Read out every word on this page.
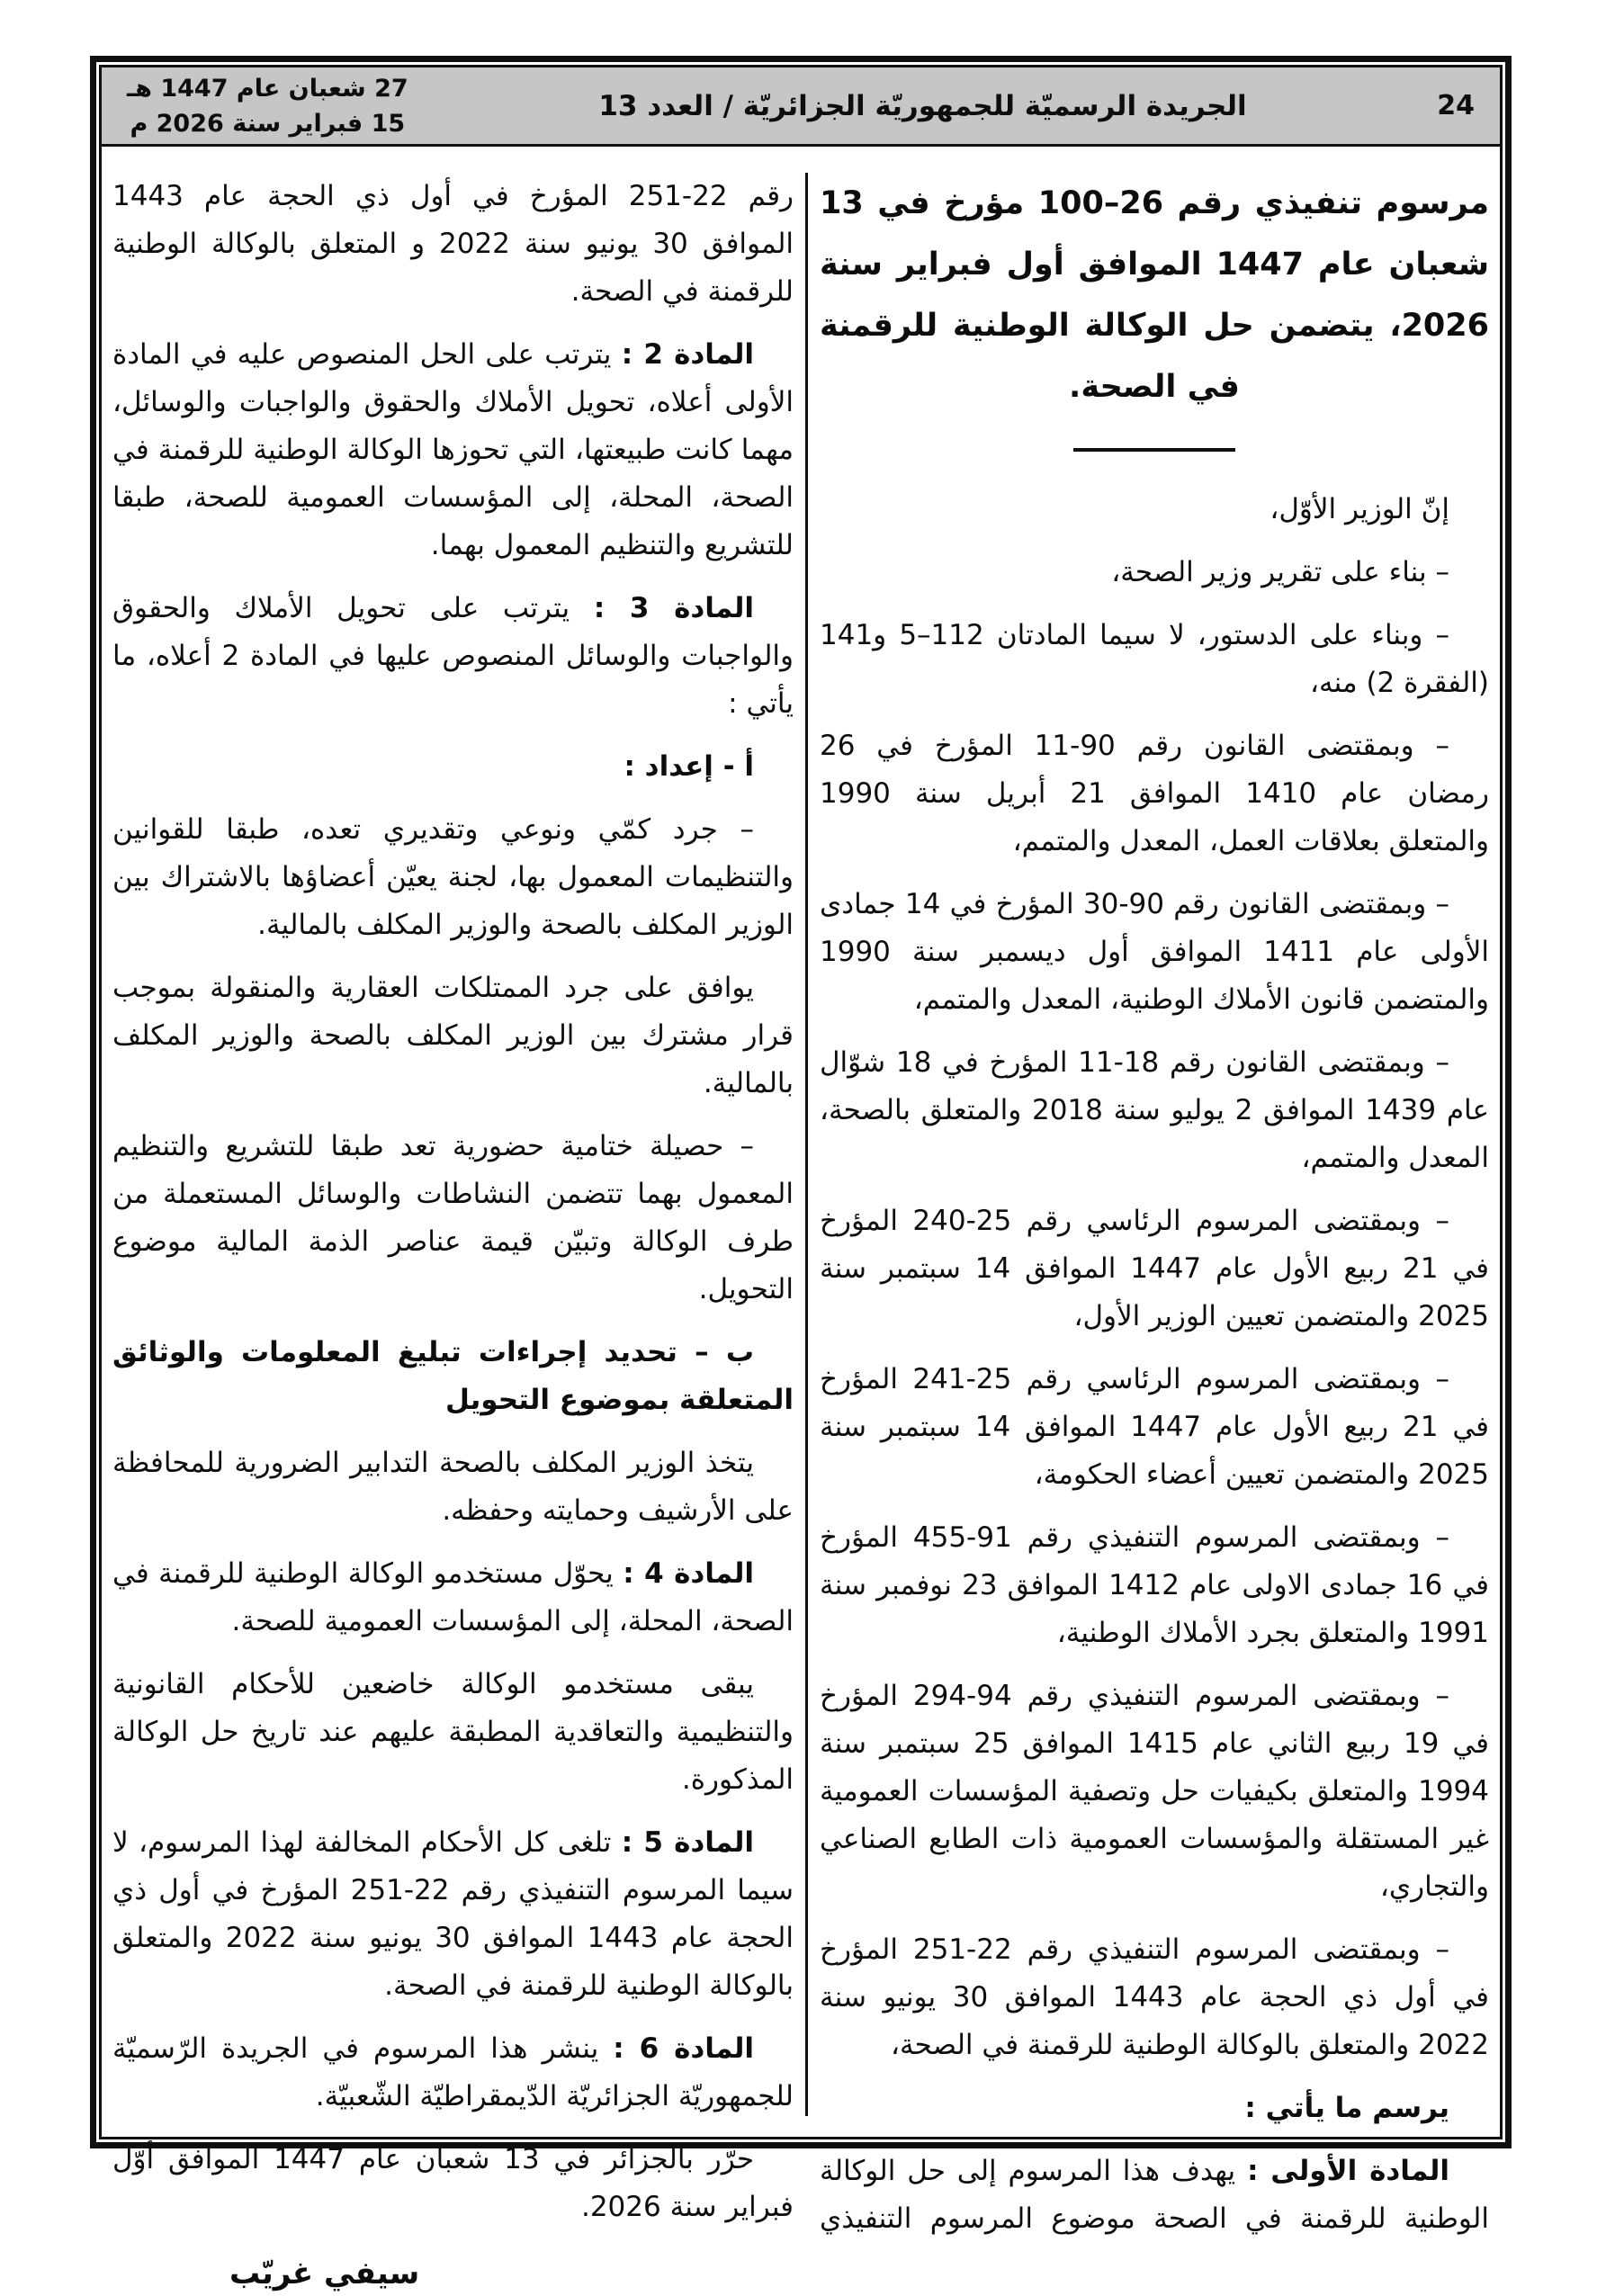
27 شعبان عام 1447 هـ
15 فبراير سنة 2026 م
الجريدة الرسميّة للجمهوريّة الجزائريّة / العدد 13	24

مرسوم تنفيذي رقم 26‏–‏100 مؤرخ في 13 شعبان عام 1447 الموافق أول فبراير سنة 2026، يتضمن حل الوكالة الوطنية للرقمنة في الصحة.

إنّ الوزير الأوّل،

– بناء على تقرير وزير الصحة،

– وبناء على الدستور، لا سيما المادتان 112‏–‏5 و141 (الفقرة 2) منه،

– وبمقتضى القانون رقم 90‏-‏11 المؤرخ في 26 رمضان عام 1410 الموافق 21 أبريل سنة 1990 والمتعلق بعلاقات العمل، المعدل والمتمم،

– وبمقتضى القانون رقم 90‏-‏30 المؤرخ في 14 جمادى الأولى عام 1411 الموافق أول ديسمبر سنة 1990 والمتضمن قانون الأملاك الوطنية، المعدل والمتمم،

– وبمقتضى القانون رقم 18‏-‏11 المؤرخ في 18 شوّال عام 1439 الموافق 2 يوليو سنة 2018 والمتعلق بالصحة، المعدل والمتمم،

– وبمقتضى المرسوم الرئاسي رقم 25‏-‏240 المؤرخ في 21 ربيع الأول عام 1447 الموافق 14 سبتمبر سنة 2025 والمتضمن تعيين الوزير الأول،

– وبمقتضى المرسوم الرئاسي رقم 25‏-‏241 المؤرخ في 21 ربيع الأول عام 1447 الموافق 14 سبتمبر سنة 2025 والمتضمن تعيين أعضاء الحكومة،

– وبمقتضى المرسوم التنفيذي رقم 91‏-‏455 المؤرخ في 16 جمادى الاولى عام 1412 الموافق 23 نوفمبر سنة 1991 والمتعلق بجرد الأملاك الوطنية،

– وبمقتضى المرسوم التنفيذي رقم 94‏-‏294 المؤرخ في 19 ربيع الثاني عام 1415 الموافق 25 سبتمبر سنة 1994 والمتعلق بكيفيات حل وتصفية المؤسسات العمومية غير المستقلة والمؤسسات العمومية ذات الطابع الصناعي والتجاري،

– وبمقتضى المرسوم التنفيذي رقم 22‏-‏251 المؤرخ في أول ذي الحجة عام 1443 الموافق 30 يونيو سنة 2022 والمتعلق بالوكالة الوطنية للرقمنة في الصحة،

يرسم ما يأتي :

المادة الأولى : يهدف هذا المرسوم إلى حل الوكالة الوطنية للرقمنة في الصحة موضوع المرسوم التنفيذي

رقم 22‏-‏251 المؤرخ في أول ذي الحجة عام 1443 الموافق 30 يونيو سنة 2022 و المتعلق بالوكالة الوطنية للرقمنة في الصحة.

المادة 2 : يترتب على الحل المنصوص عليه في المادة الأولى أعلاه، تحويل الأملاك والحقوق والواجبات والوسائل، مهما كانت طبيعتها، التي تحوزها الوكالة الوطنية للرقمنة في الصحة، المحلة، إلى المؤسسات العمومية للصحة، طبقا للتشريع والتنظيم المعمول بهما.

المادة 3 : يترتب على تحويل الأملاك والحقوق والواجبات والوسائل المنصوص عليها في المادة 2 أعلاه، ما يأتي :

أ - إعداد :

– جرد كمّي ونوعي وتقديري تعده، طبقا للقوانين والتنظيمات المعمول بها، لجنة يعيّن أعضاؤها بالاشتراك بين الوزير المكلف بالصحة والوزير المكلف بالمالية.

يوافق على جرد الممتلكات العقارية والمنقولة بموجب قرار مشترك بين الوزير المكلف بالصحة والوزير المكلف بالمالية.

– حصيلة ختامية حضورية تعد طبقا للتشريع والتنظيم المعمول بهما تتضمن النشاطات والوسائل المستعملة من طرف الوكالة وتبيّن قيمة عناصر الذمة المالية موضوع التحويل.

ب – تحديد إجراءات تبليغ المعلومات والوثائق المتعلقة بموضوع التحويل

يتخذ الوزير المكلف بالصحة التدابير الضرورية للمحافظة على الأرشيف وحمايته وحفظه.

المادة 4 : يحوّل مستخدمو الوكالة الوطنية للرقمنة في الصحة، المحلة، إلى المؤسسات العمومية للصحة.

يبقى مستخدمو الوكالة خاضعين للأحكام القانونية والتنظيمية والتعاقدية المطبقة عليهم عند تاريخ حل الوكالة المذكورة.

المادة 5 : تلغى كل الأحكام المخالفة لهذا المرسوم، لا سيما المرسوم التنفيذي رقم 22‏-‏251 المؤرخ في أول ذي الحجة عام 1443 الموافق 30 يونيو سنة 2022 والمتعلق بالوكالة الوطنية للرقمنة في الصحة.

المادة 6 : ينشر هذا المرسوم في الجريدة الرّسميّة للجمهوريّة الجزائريّة الدّيمقراطيّة الشّعبيّة.

حرّر بالجزائر في 13 شعبان عام 1447 الموافق أوّل فبراير سنة 2026.

سيفي غريّب
